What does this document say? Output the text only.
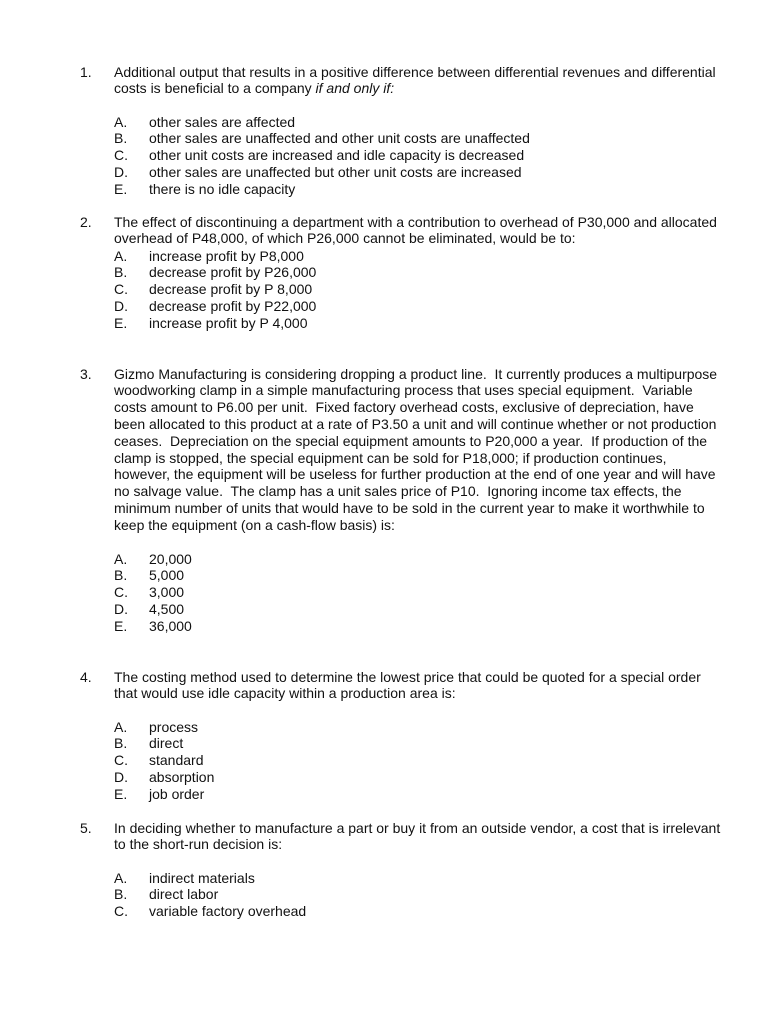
1. Additional output that results in a positive difference between differential revenues and differential
costs is beneficial to a company if and only if:
A. other sales are affected
B. other sales are unaffected and other unit costs are unaffected
C. other unit costs are increased and idle capacity is decreased
D. other sales are unaffected but other unit costs are increased
E. there is no idle capacity
2. The effect of discontinuing a department with a contribution to overhead of P30,000 and allocated
overhead of P48,000, of which P26,000 cannot be eliminated, would be to:
A. increase profit by P8,000
B. decrease profit by P26,000
C. decrease profit by P 8,000
D. decrease profit by P22,000
E. increase profit by P 4,000
3. Gizmo Manufacturing is considering dropping a product line.  It currently produces a multipurpose
woodworking clamp in a simple manufacturing process that uses special equipment.  Variable
costs amount to P6.00 per unit.  Fixed factory overhead costs, exclusive of depreciation, have
been allocated to this product at a rate of P3.50 a unit and will continue whether or not production
ceases.  Depreciation on the special equipment amounts to P20,000 a year.  If production of the
clamp is stopped, the special equipment can be sold for P18,000; if production continues,
however, the equipment will be useless for further production at the end of one year and will have
no salvage value.  The clamp has a unit sales price of P10.  Ignoring income tax effects, the
minimum number of units that would have to be sold in the current year to make it worthwhile to
keep the equipment (on a cash-flow basis) is:
A. 20,000
B. 5,000
C. 3,000
D. 4,500
E. 36,000
4. The costing method used to determine the lowest price that could be quoted for a special order
that would use idle capacity within a production area is:
A. process
B. direct
C. standard
D. absorption
E. job order
5. In deciding whether to manufacture a part or buy it from an outside vendor, a cost that is irrelevant
to the short-run decision is:
A. indirect materials
B. direct labor
C. variable factory overhead
